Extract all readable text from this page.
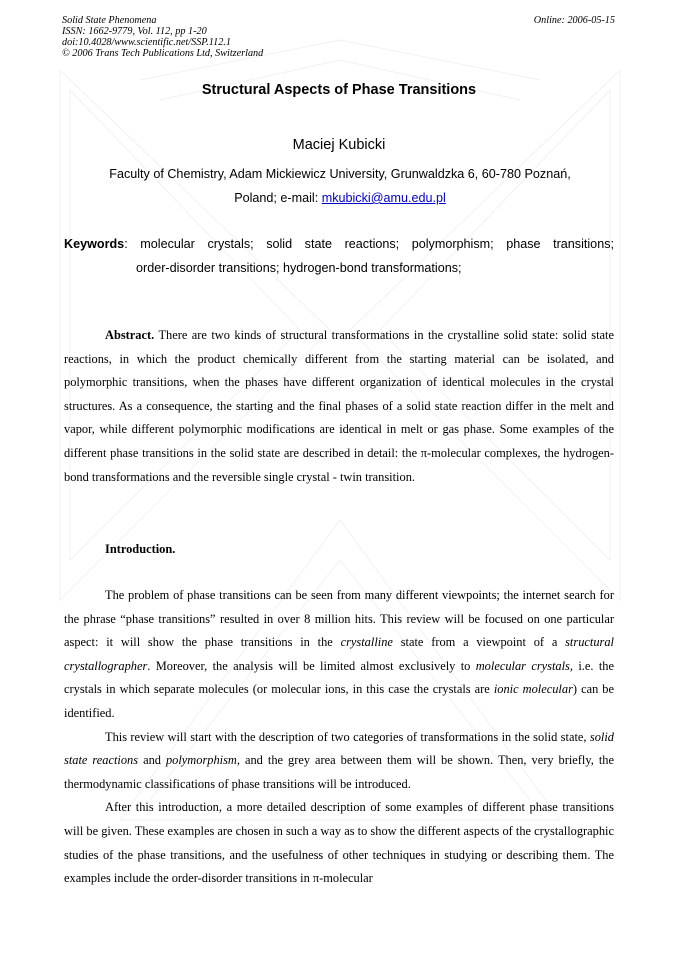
Solid State Phenomena
ISSN: 1662-9779, Vol. 112, pp 1-20
doi:10.4028/www.scientific.net/SSP.112.1
© 2006 Trans Tech Publications Ltd, Switzerland
Online: 2006-05-15
Structural Aspects of Phase Transitions
Maciej Kubicki
Faculty of Chemistry, Adam Mickiewicz University, Grunwaldzka 6, 60-780 Poznań,
Poland; e-mail: mkubicki@amu.edu.pl
Keywords: molecular crystals; solid state reactions; polymorphism; phase transitions;
order-disorder transitions; hydrogen-bond transformations;

Abstract. There are two kinds of structural transformations in the crystalline solid state: solid state reactions, in which the product chemically different from the starting material can be isolated, and polymorphic transitions, when the phases have different organization of identical molecules in the crystal structures. As a consequence, the starting and the final phases of a solid state reaction differ in the melt and vapor, while different polymorphic modifications are identical in melt or gas phase. Some examples of the different phase transitions in the solid state are described in detail: the π-molecular complexes, the hydrogen-bond transformations and the reversible single crystal - twin transition.

Introduction.

The problem of phase transitions can be seen from many different viewpoints; the internet search for the phrase “phase transitions” resulted in over 8 million hits. This review will be focused on one particular aspect: it will show the phase transitions in the crystalline state from a viewpoint of a structural crystallographer. Moreover, the analysis will be limited almost exclusively to molecular crystals, i.e. the crystals in which separate molecules (or molecular ions, in this case the crystals are ionic molecular) can be identified.

This review will start with the description of two categories of transformations in the solid state, solid state reactions and polymorphism, and the grey area between them will be shown. Then, very briefly, the thermodynamic classifications of phase transitions will be introduced.

After this introduction, a more detailed description of some examples of different phase transitions will be given. These examples are chosen in such a way as to show the different aspects of the crystallographic studies of the phase transitions, and the usefulness of other techniques in studying or describing them. The examples include the order-disorder transitions in π-molecular
